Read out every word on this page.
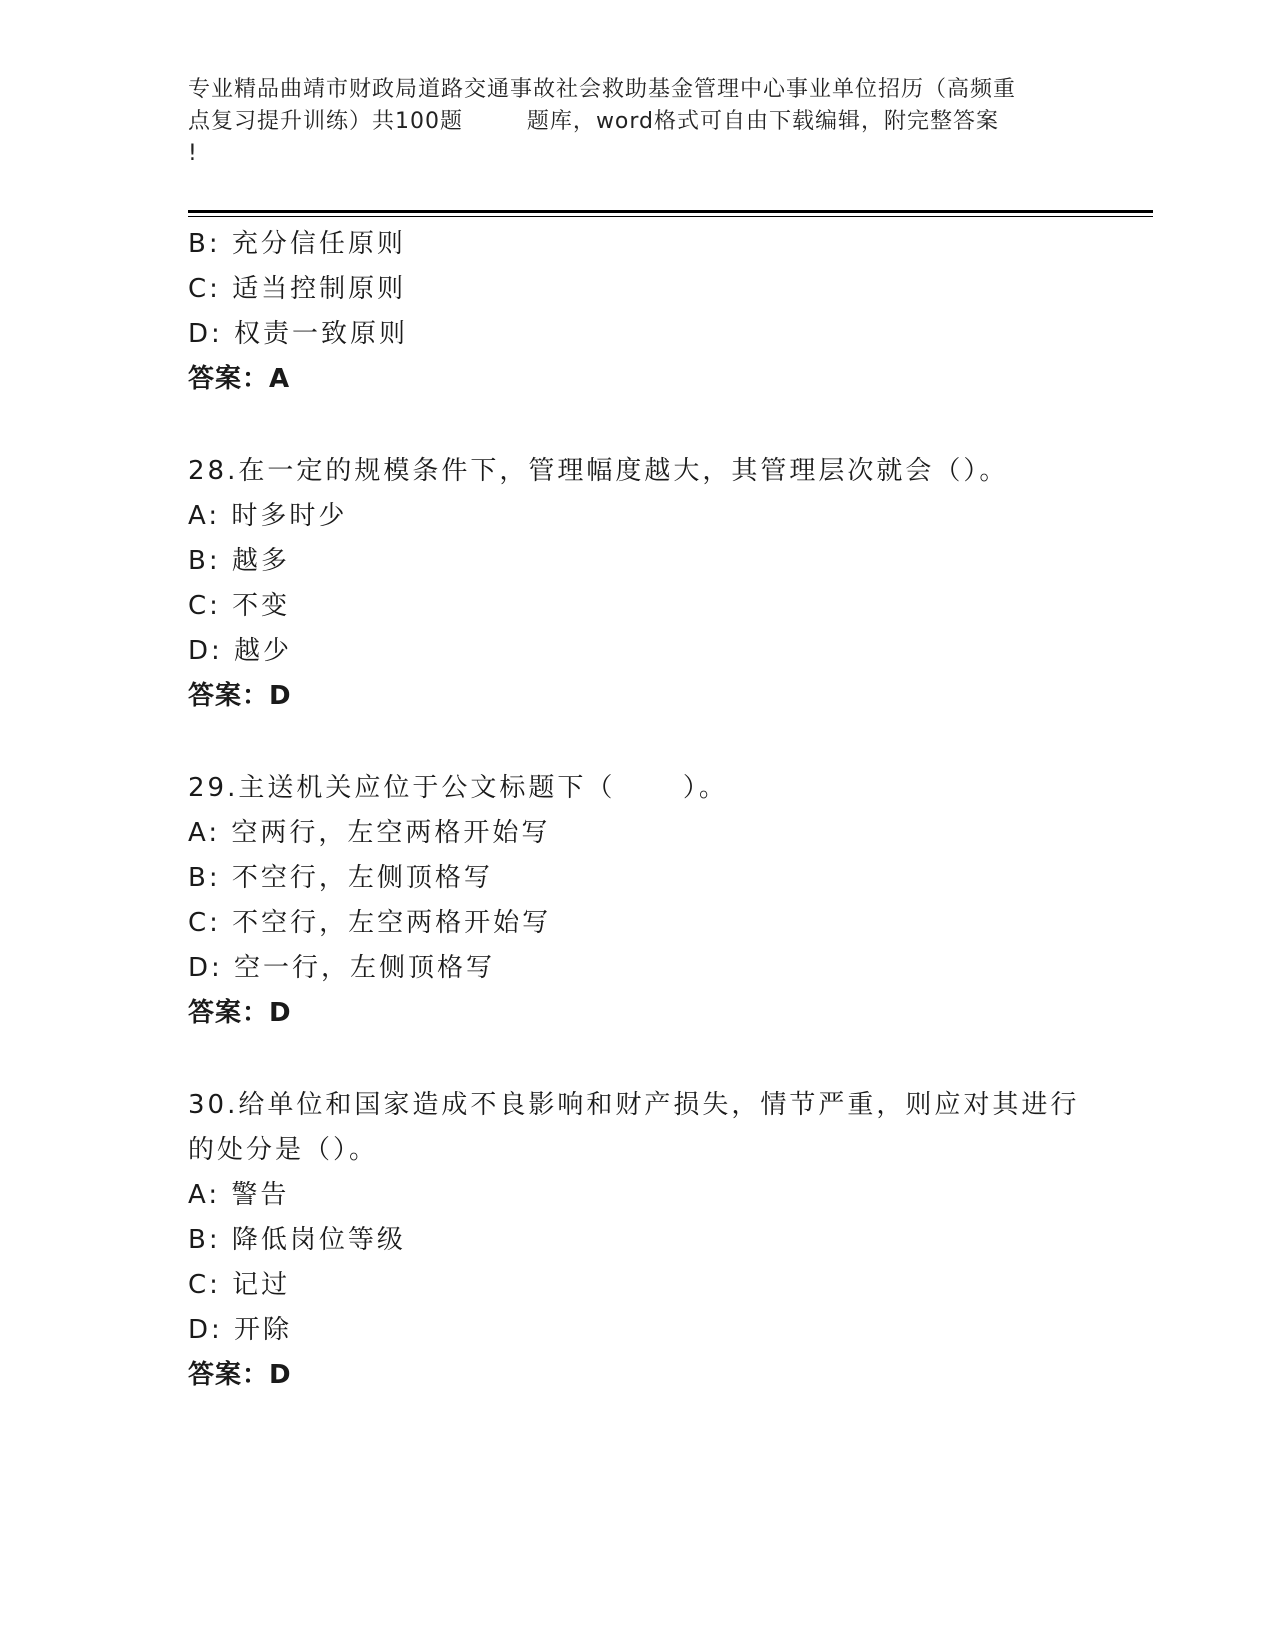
专业精品曲靖市财政局道路交通事故社会救助基金管理中心事业单位招历（高频重
点复习提升训练）共100题        题库，word格式可自由下载编辑，附完整答案
!
B: 充分信任原则
C: 适当控制原则
D: 权责一致原则
答案：A
28.在一定的规模条件下，管理幅度越大，其管理层次就会（）。
A: 时多时少
B: 越多
C: 不变
D: 越少
答案：D
29.主送机关应位于公文标题下（      ）。
A: 空两行，左空两格开始写
B: 不空行，左侧顶格写
C: 不空行，左空两格开始写
D: 空一行，左侧顶格写
答案：D
30.给单位和国家造成不良影响和财产损失，情节严重，则应对其进行
的处分是（）。
A: 警告
B: 降低岗位等级
C: 记过
D: 开除
答案：D
